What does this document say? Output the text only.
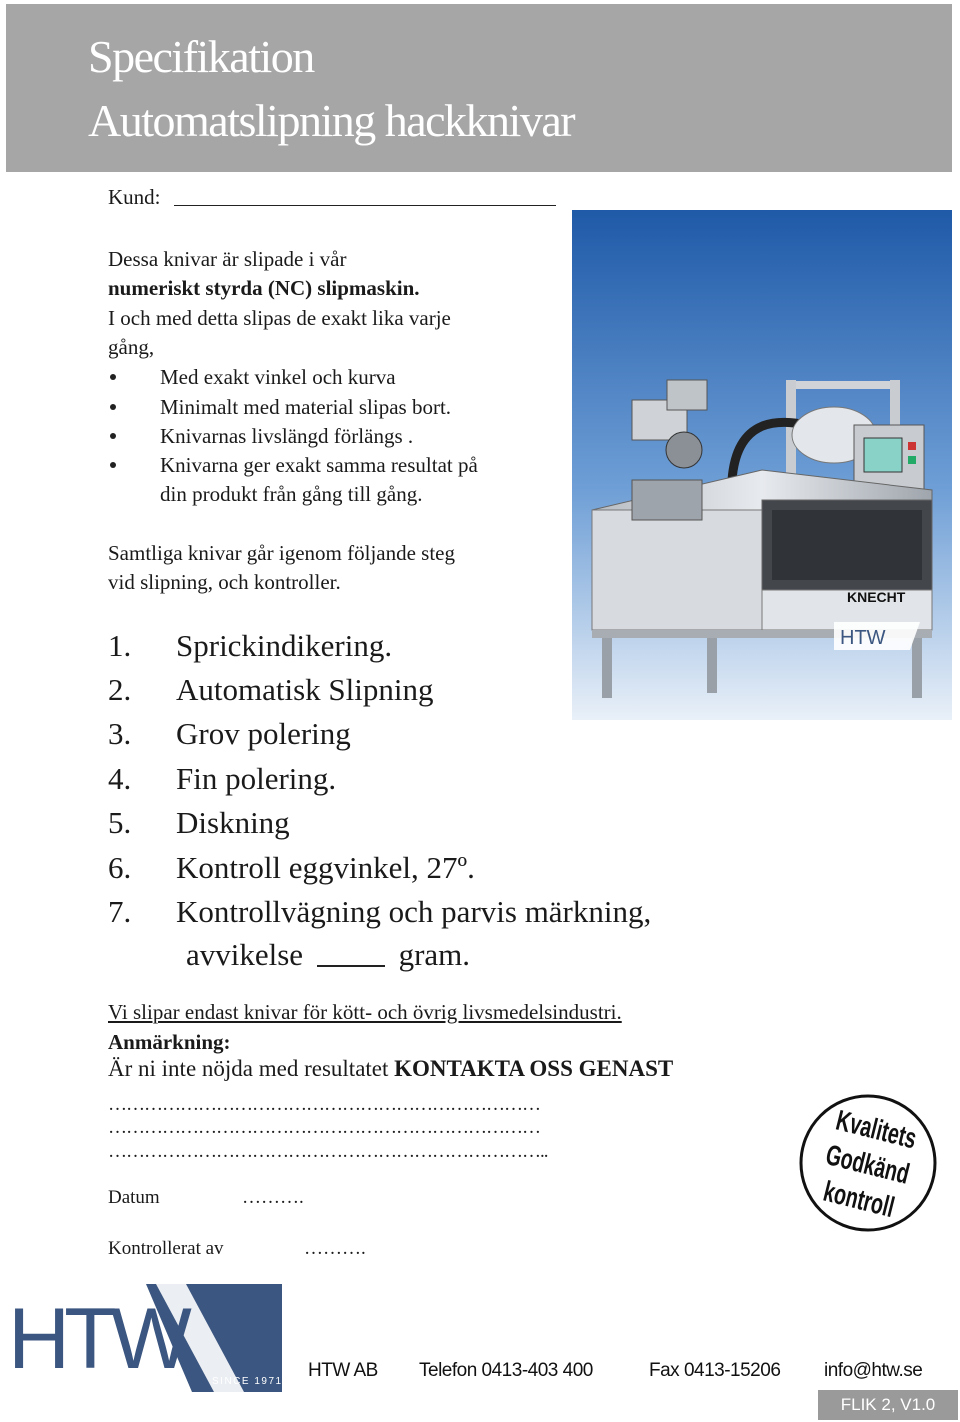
Specifikation
Automatslipning hackknivar
Kund:
Dessa knivar är slipade i vår
numeriskt styrda (NC) slipmaskin.
I och med detta slipas de exakt lika varje
gång,
Med exakt vinkel och kurva
Minimalt med material slipas bort.
Knivarnas livslängd förlängs .
Knivarna ger exakt samma resultat på
din produkt från gång till gång.
Samtliga knivar går igenom följande steg
vid slipning, och kontroller.
1. Sprickindikering.
2. Automatisk Slipning
3. Grov polering
4. Fin polering.
5. Diskning
6. Kontroll eggvinkel, 27º.
7. Kontrollvägning och parvis märkning,
avvikelse	gram.
Vi slipar endast knivar för kött- och övrig livsmedelsindustri.
Anmärkning:
Är ni inte nöjda med resultatet KONTAKTA OSS GENAST
………………………………………………………………
………………………………………………………………
………………………………………………………………..	Kvalitets
Godkänd
kontroll
Datum	……….
Kontrollerat av	……….
KNECHT
HTW
HTW	SINCE 1971
HTW AB Telefon 0413-403 400	Fax 0413-15206 info@htw.se
FLIK 2, V1.0
